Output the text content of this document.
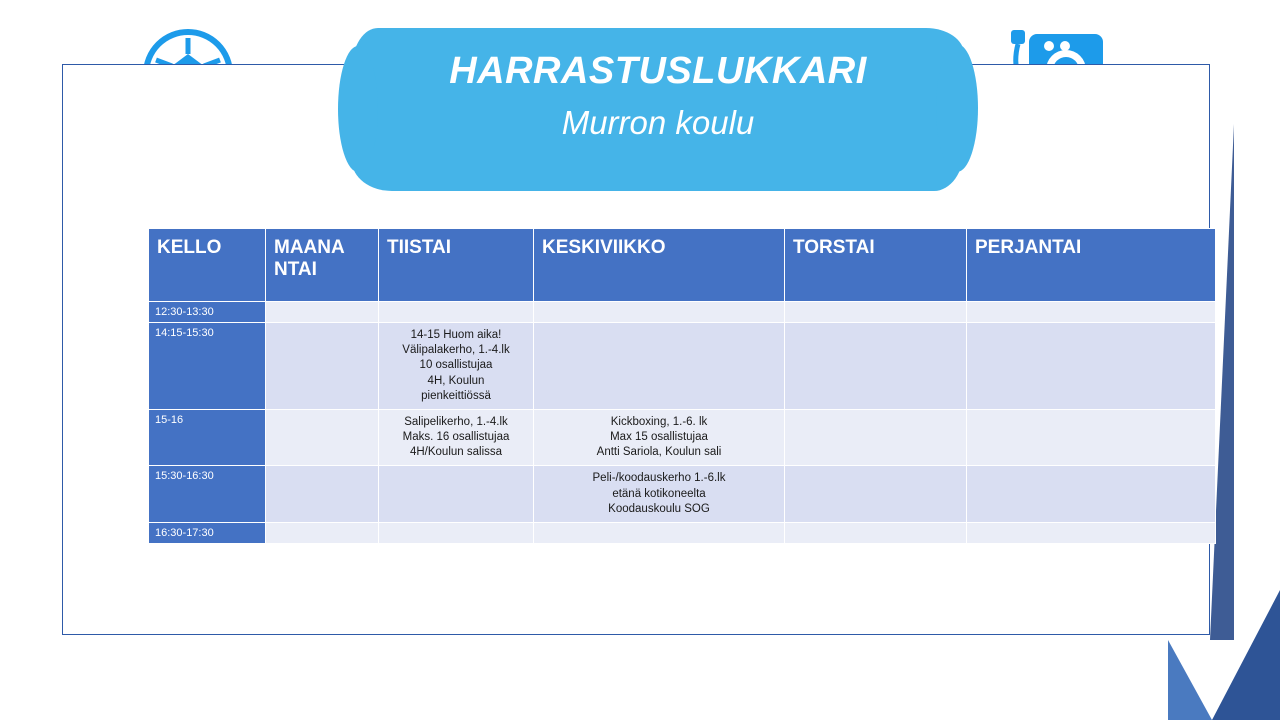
HARRASTUSLUKKARI
Murron koulu
KELLO	MAANA NTAI	TIISTAI	KESKIVIIKKO	TORSTAI	PERJANTAI
12:30-13:30					
14:15-15:30		14-15 Huom aika!
Välipalakerho, 1.-4.lk
10 osallistujaa
4H, Koulun
pienkeittiössä			

15-16		Salipelikerho, 1.-4.lk
Maks. 16 osallistujaa
4H/Koulun salissa	Kickboxing, 1.-6. lk
Max 15 osallistujaa
Antti Sariola, Koulun sali		

15:30-16:30			Peli-/koodauskerho 1.-6.lk
etänä kotikoneelta
Koodauskoulu SOG		

16:30-17:30					
